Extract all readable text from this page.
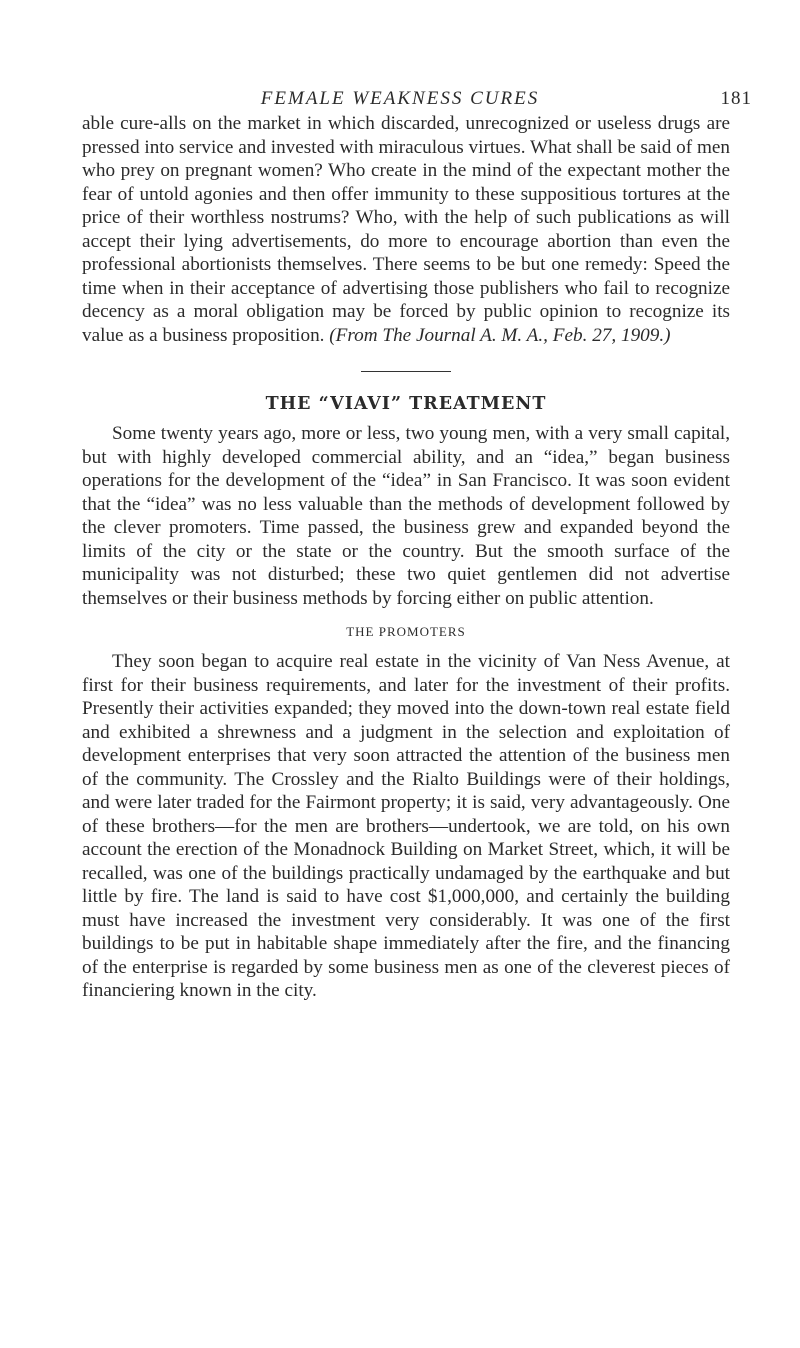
FEMALE WEAKNESS CURES	181

able cure-alls on the market in which discarded, unrecognized or useless drugs are pressed into service and invested with miraculous virtues. What shall be said of men who prey on pregnant women? Who create in the mind of the expectant mother the fear of untold agonies and then offer immunity to these suppositious tortures at the price of their worthless nostrums? Who, with the help of such publications as will accept their lying advertisements, do more to encourage abortion than even the professional abortionists themselves. There seems to be but one remedy: Speed the time when in their acceptance of advertising those publishers who fail to recognize decency as a moral obligation may be forced by public opinion to recognize its value as a business proposition. (From The Journal A. M. A., Feb. 27, 1909.)

THE “VIAVI” TREATMENT

Some twenty years ago, more or less, two young men, with a very small capital, but with highly developed commercial ability, and an “idea,” began business operations for the development of the “idea” in San Francisco. It was soon evident that the “idea” was no less valuable than the methods of development followed by the clever promoters. Time passed, the business grew and expanded beyond the limits of the city or the state or the country. But the smooth surface of the municipality was not disturbed; these two quiet gentlemen did not advertise themselves or their business methods by forcing either on public attention.

THE PROMOTERS

They soon began to acquire real estate in the vicinity of Van Ness Avenue, at first for their business requirements, and later for the investment of their profits. Presently their activities expanded; they moved into the down-town real estate field and exhibited a shrewness and a judgment in the selection and exploitation of development enterprises that very soon attracted the attention of the business men of the community. The Crossley and the Rialto Buildings were of their holdings, and were later traded for the Fairmont property; it is said, very advantageously. One of these brothers—for the men are brothers—undertook, we are told, on his own account the erection of the Monadnock Building on Market Street, which, it will be recalled, was one of the buildings practically undamaged by the earthquake and but little by fire. The land is said to have cost $1,000,000, and certainly the building must have increased the investment very considerably. It was one of the first buildings to be put in habitable shape immediately after the fire, and the financing of the enterprise is regarded by some business men as one of the cleverest pieces of financiering known in the city.
